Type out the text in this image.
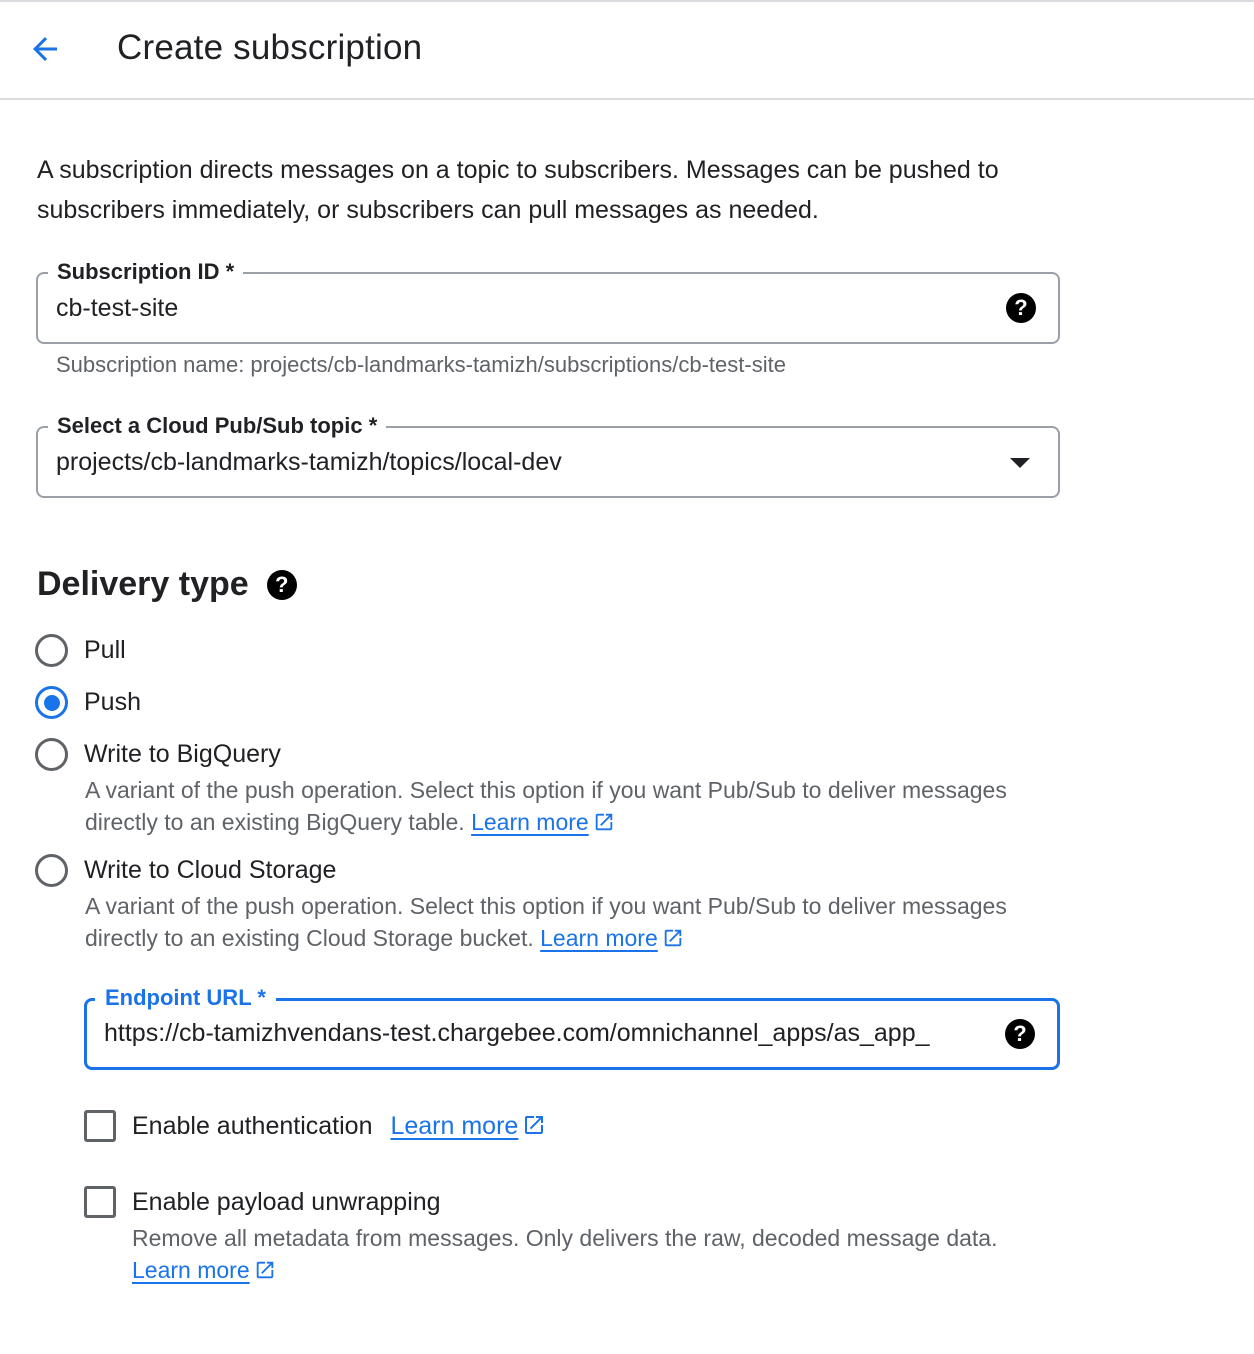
Create subscription
A subscription directs messages on a topic to subscribers. Messages can be pushed to subscribers immediately, or subscribers can pull messages as needed.
Subscription ID *
cb-test-site	?
Subscription name: projects/cb-landmarks-tamizh/subscriptions/cb-test-site
Select a Cloud Pub/Sub topic *
projects/cb-landmarks-tamizh/topics/local-dev
Delivery type	?
Pull
Push
Write to BigQuery
A variant of the push operation. Select this option if you want Pub/Sub to deliver messages directly to an existing BigQuery table. Learn more
Write to Cloud Storage
A variant of the push operation. Select this option if you want Pub/Sub to deliver messages directly to an existing Cloud Storage bucket. Learn more
Endpoint URL *
https://cb-tamizhvendans-test.chargebee.com/omnichannel_apps/as_app_	?
Enable authentication Learn more
Enable payload unwrapping
Remove all metadata from messages. Only delivers the raw, decoded message data.
Learn more
